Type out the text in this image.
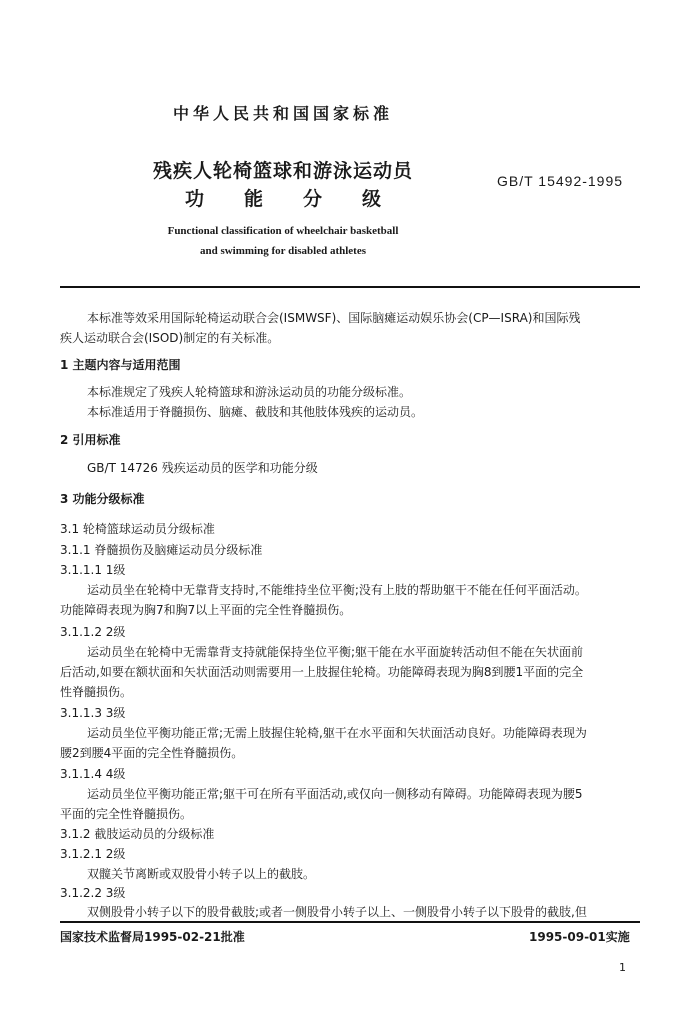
中华人民共和国国家标准
残疾人轮椅篮球和游泳运动员
功能分级
GB/T 15492-1995
Functional classification of wheelchair basketball
and swimming for disabled athletes
本标准等效采用国际轮椅运动联合会(ISMWSF)、国际脑瘫运动娱乐协会(CP—ISRA)和国际残
疾人运动联合会(ISOD)制定的有关标准。
1 主题内容与适用范围
本标准规定了残疾人轮椅篮球和游泳运动员的功能分级标准。
本标准适用于脊髓损伤、脑瘫、截肢和其他肢体残疾的运动员。
2 引用标准
GB/T 14726 残疾运动员的医学和功能分级
3 功能分级标准
3.1 轮椅篮球运动员分级标准
3.1.1 脊髓损伤及脑瘫运动员分级标准
3.1.1.1 1级
运动员坐在轮椅中无靠背支持时,不能维持坐位平衡;没有上肢的帮助躯干不能在任何平面活动。
功能障碍表现为胸7和胸7以上平面的完全性脊髓损伤。
3.1.1.2 2级
运动员坐在轮椅中无需靠背支持就能保持坐位平衡;躯干能在水平面旋转活动但不能在矢状面前
后活动,如要在额状面和矢状面活动则需要用一上肢握住轮椅。功能障碍表现为胸8到腰1平面的完全
性脊髓损伤。
3.1.1.3 3级
运动员坐位平衡功能正常;无需上肢握住轮椅,躯干在水平面和矢状面活动良好。功能障碍表现为
腰2到腰4平面的完全性脊髓损伤。
3.1.1.4 4级
运动员坐位平衡功能正常;躯干可在所有平面活动,或仅向一侧移动有障碍。功能障碍表现为腰5
平面的完全性脊髓损伤。
3.1.2 截肢运动员的分级标准
3.1.2.1 2级
双髋关节离断或双股骨小转子以上的截肢。
3.1.2.2 3级
双侧股骨小转子以下的股骨截肢;或者一侧股骨小转子以上、一侧股骨小转子以下股骨的截肢,但
国家技术监督局1995-02-21批准	1995-09-01实施
1
